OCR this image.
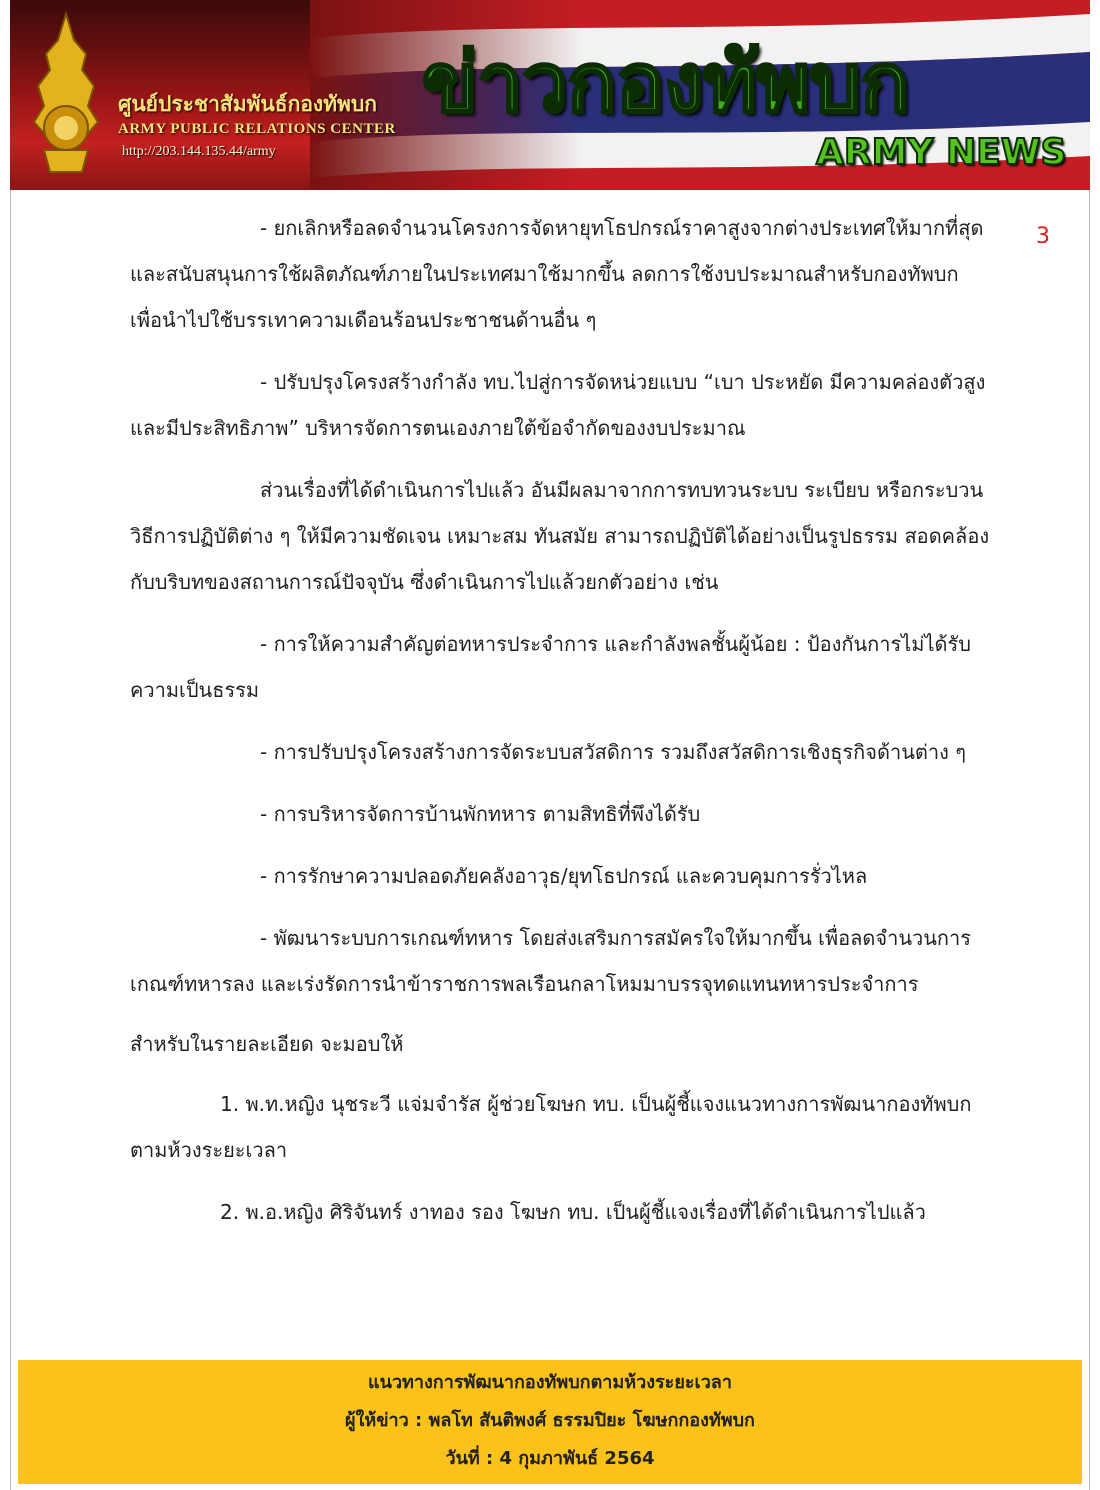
ศูนย์ประชาสัมพันธ์กองทัพบก
ARMY PUBLIC RELATIONS CENTER
http://203.144.135.44/army
ข่าวกองทัพบก
ARMY NEWS
3
- ยกเลิกหรือลดจำนวนโครงการจัดหายุทโธปกรณ์ราคาสูงจากต่างประเทศให้มากที่สุด
และสนับสนุนการใช้ผลิตภัณฑ์ภายในประเทศมาใช้มากขึ้น ลดการใช้งบประมาณสำหรับกองทัพบก
เพื่อนำไปใช้บรรเทาความเดือนร้อนประชาชนด้านอื่น ๆ
- ปรับปรุงโครงสร้างกำลัง ทบ.ไปสู่การจัดหน่วยแบบ “เบา ประหยัด มีความคล่องตัวสูง
และมีประสิทธิภาพ” บริหารจัดการตนเองภายใต้ข้อจำกัดของงบประมาณ
ส่วนเรื่องที่ได้ดำเนินการไปแล้ว อันมีผลมาจากการทบทวนระบบ ระเบียบ หรือกระบวน
วิธีการปฏิบัติต่าง ๆ ให้มีความชัดเจน เหมาะสม ทันสมัย สามารถปฏิบัติได้อย่างเป็นรูปธรรม สอดคล้อง
กับบริบทของสถานการณ์ปัจจุบัน ซึ่งดำเนินการไปแล้วยกตัวอย่าง เช่น
- การให้ความสำคัญต่อทหารประจำการ และกำลังพลชั้นผู้น้อย : ป้องกันการไม่ได้รับ
ความเป็นธรรม
- การปรับปรุงโครงสร้างการจัดระบบสวัสดิการ รวมถึงสวัสดิการเชิงธุรกิจด้านต่าง ๆ
- การบริหารจัดการบ้านพักทหาร ตามสิทธิที่พึงได้รับ
- การรักษาความปลอดภัยคลังอาวุธ/ยุทโธปกรณ์ และควบคุมการรั่วไหล
- พัฒนาระบบการเกณฑ์ทหาร โดยส่งเสริมการสมัครใจให้มากขึ้น เพื่อลดจำนวนการ
เกณฑ์ทหารลง และเร่งรัดการนำข้าราชการพลเรือนกลาโหมมาบรรจุทดแทนทหารประจำการ
สำหรับในรายละเอียด จะมอบให้
1. พ.ท.หญิง นุชระวี แจ่มจำรัส ผู้ช่วยโฆษก ทบ. เป็นผู้ชี้แจงแนวทางการพัฒนากองทัพบก
ตามห้วงระยะเวลา
2. พ.อ.หญิง ศิริจันทร์ งาทอง รอง โฆษก ทบ. เป็นผู้ชี้แจงเรื่องที่ได้ดำเนินการไปแล้ว
แนวทางการพัฒนากองทัพบกตามห้วงระยะเวลา
ผู้ให้ข่าว : พลโท สันติพงศ์ ธรรมปิยะ โฆษกกองทัพบก
วันที่ : 4 กุมภาพันธ์ 2564
